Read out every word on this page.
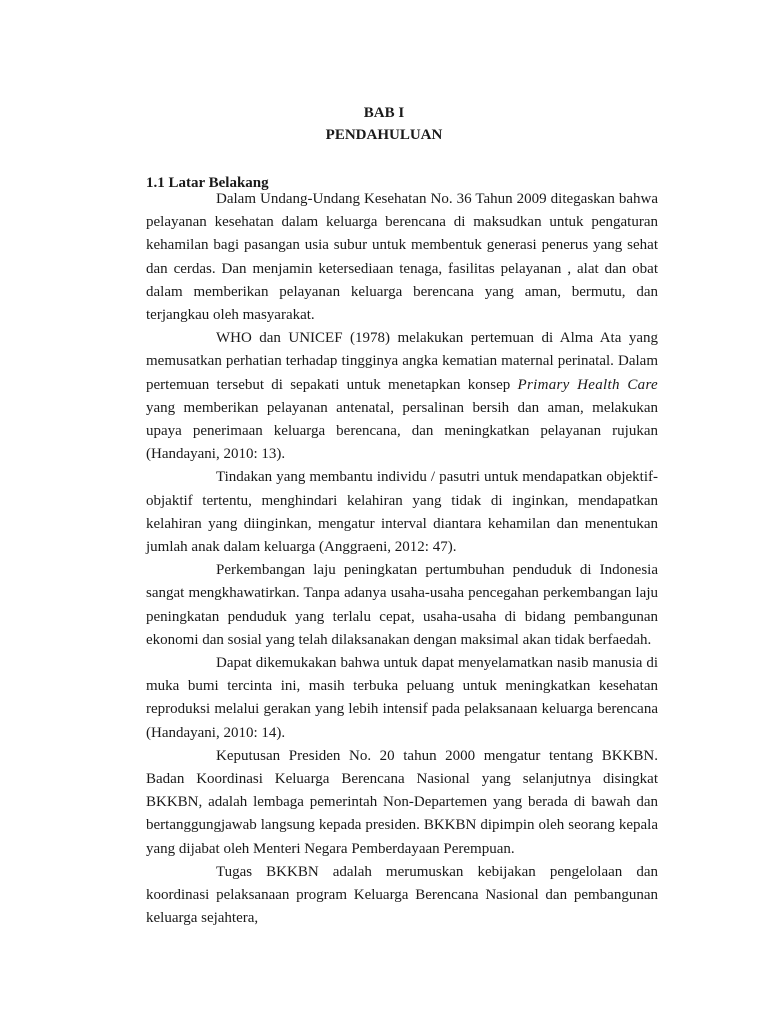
BAB I
PENDAHULUAN
1.1 Latar Belakang

Dalam Undang-Undang Kesehatan No. 36 Tahun 2009 ditegaskan bahwa pelayanan kesehatan dalam keluarga berencana di maksudkan untuk pengaturan kehamilan bagi pasangan usia subur untuk membentuk generasi penerus yang sehat dan cerdas. Dan menjamin ketersediaan tenaga, fasilitas pelayanan , alat dan obat dalam memberikan pelayanan keluarga berencana yang aman, bermutu, dan terjangkau oleh masyarakat.

WHO dan UNICEF (1978) melakukan pertemuan di Alma Ata yang memusatkan perhatian terhadap tingginya angka kematian maternal perinatal. Dalam pertemuan tersebut di sepakati untuk menetapkan konsep Primary Health Care yang memberikan pelayanan antenatal, persalinan bersih dan aman, melakukan upaya penerimaan keluarga berencana, dan meningkatkan pelayanan rujukan (Handayani, 2010: 13).

Tindakan yang membantu individu / pasutri untuk mendapatkan objektif-objaktif tertentu, menghindari kelahiran yang tidak di inginkan, mendapatkan kelahiran yang diinginkan, mengatur interval diantara kehamilan dan menentukan jumlah anak dalam keluarga (Anggraeni, 2012: 47).

Perkembangan laju peningkatan pertumbuhan penduduk di Indonesia sangat mengkhawatirkan. Tanpa adanya usaha-usaha pencegahan perkembangan laju peningkatan penduduk yang terlalu cepat, usaha-usaha di bidang pembangunan ekonomi dan sosial yang telah dilaksanakan dengan maksimal akan tidak berfaedah.

Dapat dikemukakan bahwa untuk dapat menyelamatkan nasib manusia di muka bumi tercinta ini, masih terbuka peluang untuk meningkatkan kesehatan reproduksi melalui gerakan yang lebih intensif pada pelaksanaan keluarga berencana (Handayani, 2010: 14).

Keputusan Presiden No. 20 tahun 2000 mengatur tentang BKKBN. Badan Koordinasi Keluarga Berencana Nasional yang selanjutnya disingkat BKKBN, adalah lembaga pemerintah Non-Departemen yang berada di bawah dan bertanggungjawab langsung kepada presiden. BKKBN dipimpin oleh seorang kepala yang dijabat oleh Menteri Negara Pemberdayaan Perempuan.

Tugas BKKBN adalah merumuskan kebijakan pengelolaan dan koordinasi pelaksanaan program Keluarga Berencana Nasional dan pembangunan keluarga sejahtera,
